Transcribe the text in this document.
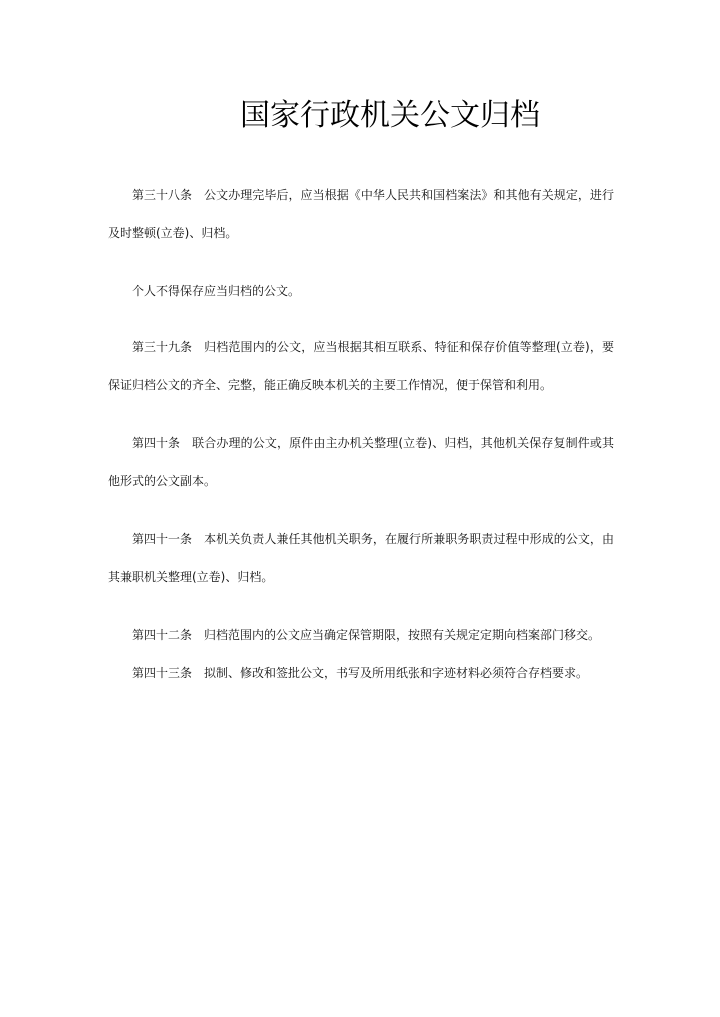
国家行政机关公文归档

第三十八条 公文办理完毕后，应当根据《中华人民共和国档案法》和其他有关规定，进行及时整顿(立卷)、归档。

个人不得保存应当归档的公文。

第三十九条 归档范围内的公文，应当根据其相互联系、特征和保存价值等整理(立卷)，要保证归档公文的齐全、完整，能正确反映本机关的主要工作情况，便于保管和利用。

第四十条 联合办理的公文，原件由主办机关整理(立卷)、归档，其他机关保存复制件或其他形式的公文副本。

第四十一条 本机关负责人兼任其他机关职务，在履行所兼职务职责过程中形成的公文，由其兼职机关整理(立卷)、归档。

第四十二条 归档范围内的公文应当确定保管期限，按照有关规定定期向档案部门移交。

第四十三条 拟制、修改和签批公文，书写及所用纸张和字迹材料必须符合存档要求。
